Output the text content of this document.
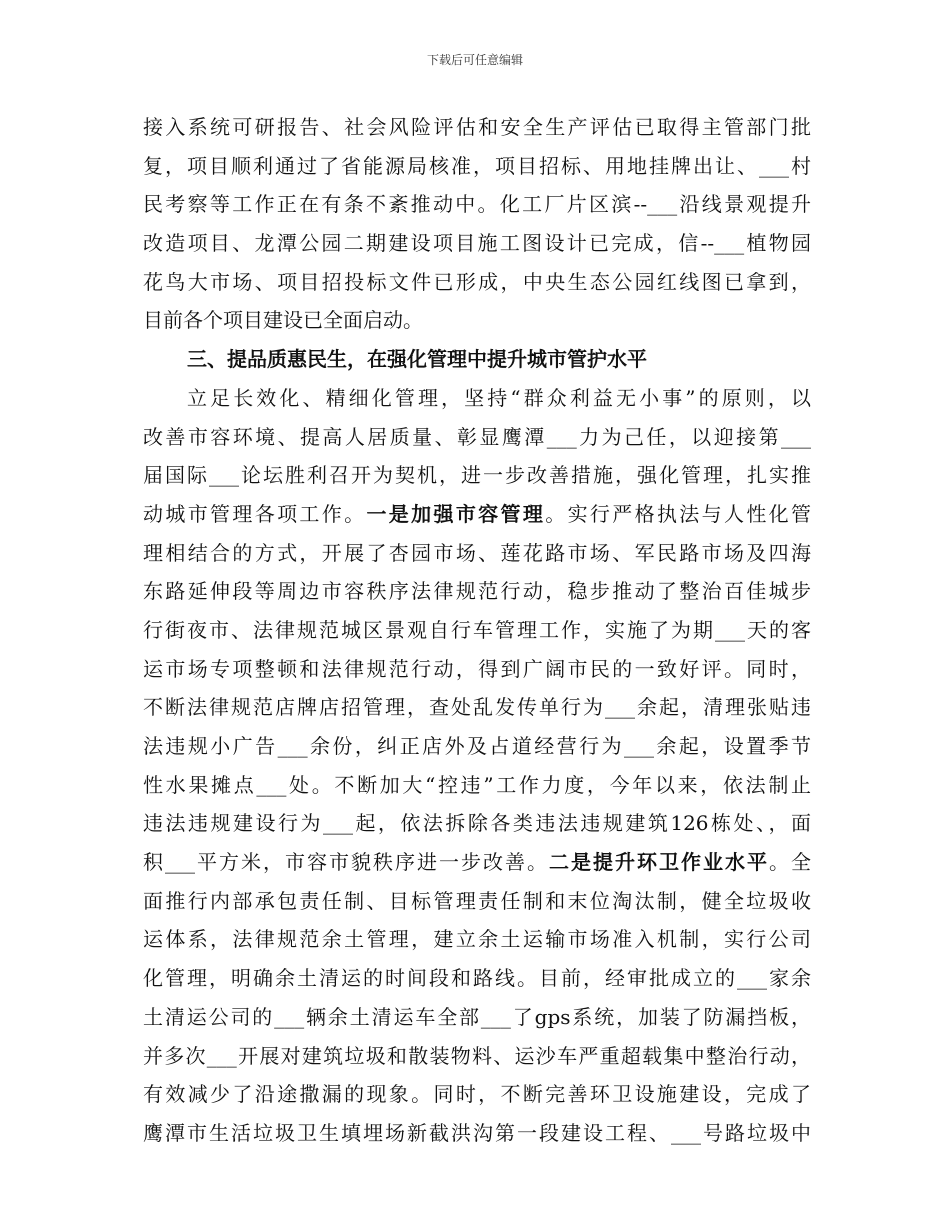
下载后可任意编辑
接入系统可研报告、社会风险评估和安全生产评估已取得主管部门批
复，项目顺利通过了省能源局核准，项目招标、用地挂牌出让、___村
民考察等工作正在有条不紊推动中。化工厂片区滨--___沿线景观提升
改造项目、龙潭公园二期建设项目施工图设计已完成，信--___植物园
花鸟大市场、项目招投标文件已形成，中央生态公园红线图已拿到，
目前各个项目建设已全面启动。
三、提品质惠民生，在强化管理中提升城市管护水平
立足长效化、精细化管理，坚持“群众利益无小事”的原则，以
改善市容环境、提高人居质量、彰显鹰潭___力为己任，以迎接第___
届国际___论坛胜利召开为契机，进一步改善措施，强化管理，扎实推
动城市管理各项工作。一是加强市容管理。实行严格执法与人性化管
理相结合的方式，开展了杏园市场、莲花路市场、军民路市场及四海
东路延伸段等周边市容秩序法律规范行动，稳步推动了整治百佳城步
行街夜市、法律规范城区景观自行车管理工作，实施了为期___天的客
运市场专项整顿和法律规范行动，得到广阔市民的一致好评。同时，
不断法律规范店牌店招管理，查处乱发传单行为___余起，清理张贴违
法违规小广告___余份，纠正店外及占道经营行为___余起，设置季节
性水果摊点___处。不断加大“控违”工作力度，今年以来，依法制止
违法违规建设行为___起，依法拆除各类违法违规建筑126栋处、，面
积___平方米，市容市貌秩序进一步改善。二是提升环卫作业水平。全
面推行内部承包责任制、目标管理责任制和末位淘汰制，健全垃圾收
运体系，法律规范余土管理，建立余土运输市场准入机制，实行公司
化管理，明确余土清运的时间段和路线。目前，经审批成立的___家余
土清运公司的___辆余土清运车全部___了gps系统，加装了防漏挡板，
并多次___开展对建筑垃圾和散装物料、运沙车严重超载集中整治行动，
有效减少了沿途撒漏的现象。同时，不断完善环卫设施建设，完成了
鹰潭市生活垃圾卫生填埋场新截洪沟第一段建设工程、___号路垃圾中
